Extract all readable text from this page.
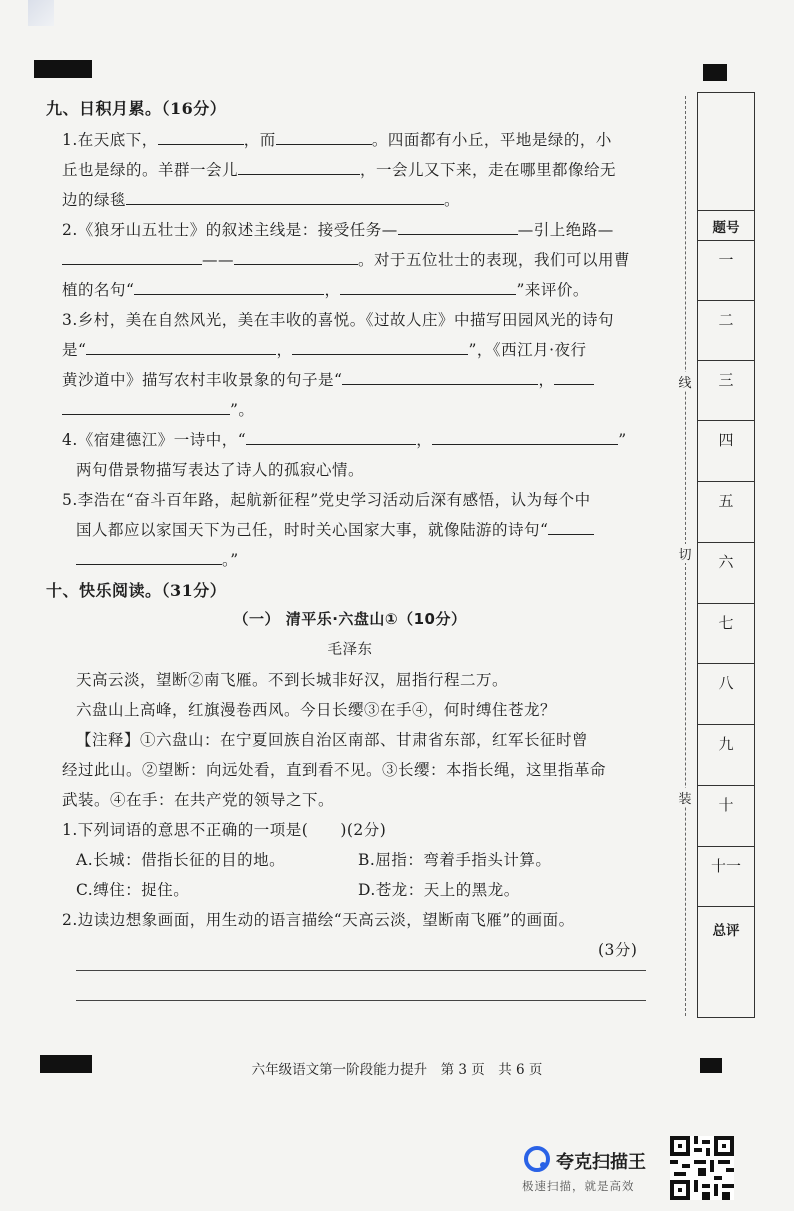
九、日积月累。（16分）
1.在天底下，	，而	。四面都有小丘，平地是绿的，小
丘也是绿的。羊群一会儿	，一会儿又下来，走在哪里都像给无
边的绿毯	。
2.《狼牙山五壮士》的叙述主线是：接受任务—	—引上绝路—
——	。对于五位壮士的表现，我们可以用曹
植的名句“	，	”来评价。
3.乡村，美在自然风光，美在丰收的喜悦。《过故人庄》中描写田园风光的诗句
是“	，	”，《西江月·夜行
黄沙道中》描写农村丰收景象的句子是“	，
”。
4.《宿建德江》一诗中，“	，	”
两句借景物描写表达了诗人的孤寂心情。
5.李浩在“奋斗百年路，起航新征程”党史学习活动后深有感悟，认为每个中
国人都应以家国天下为己任，时时关心国家大事，就像陆游的诗句“
。”
十、快乐阅读。（31分）
（一） 清平乐·六盘山①（10分）
毛泽东
天高云淡，望断②南飞雁。不到长城非好汉，屈指行程二万。
六盘山上高峰，红旗漫卷西风。今日长缨③在手④，何时缚住苍龙？
【注释】①六盘山：在宁夏回族自治区南部、甘肃省东部，红军长征时曾
经过此山。②望断：向远处看，直到看不见。③长缨：本指长绳，这里指革命
武装。④在手：在共产党的领导之下。
1.下列词语的意思不正确的一项是(　　)(2分)
A.长城：借指长征的目的地。	B.屈指：弯着手指头计算。
C.缚住：捉住。	D.苍龙：天上的黑龙。
2.边读边想象画面，用生动的语言描绘“天高云淡，望断南飞雁”的画面。
(3分)
线
切
装
题号
一
二
三
四
五
六
七
八
九
十
十一
总评
六年级语文第一阶段能力提升　第 3 页　共 6 页
夸克扫描王
极速扫描，就是高效
